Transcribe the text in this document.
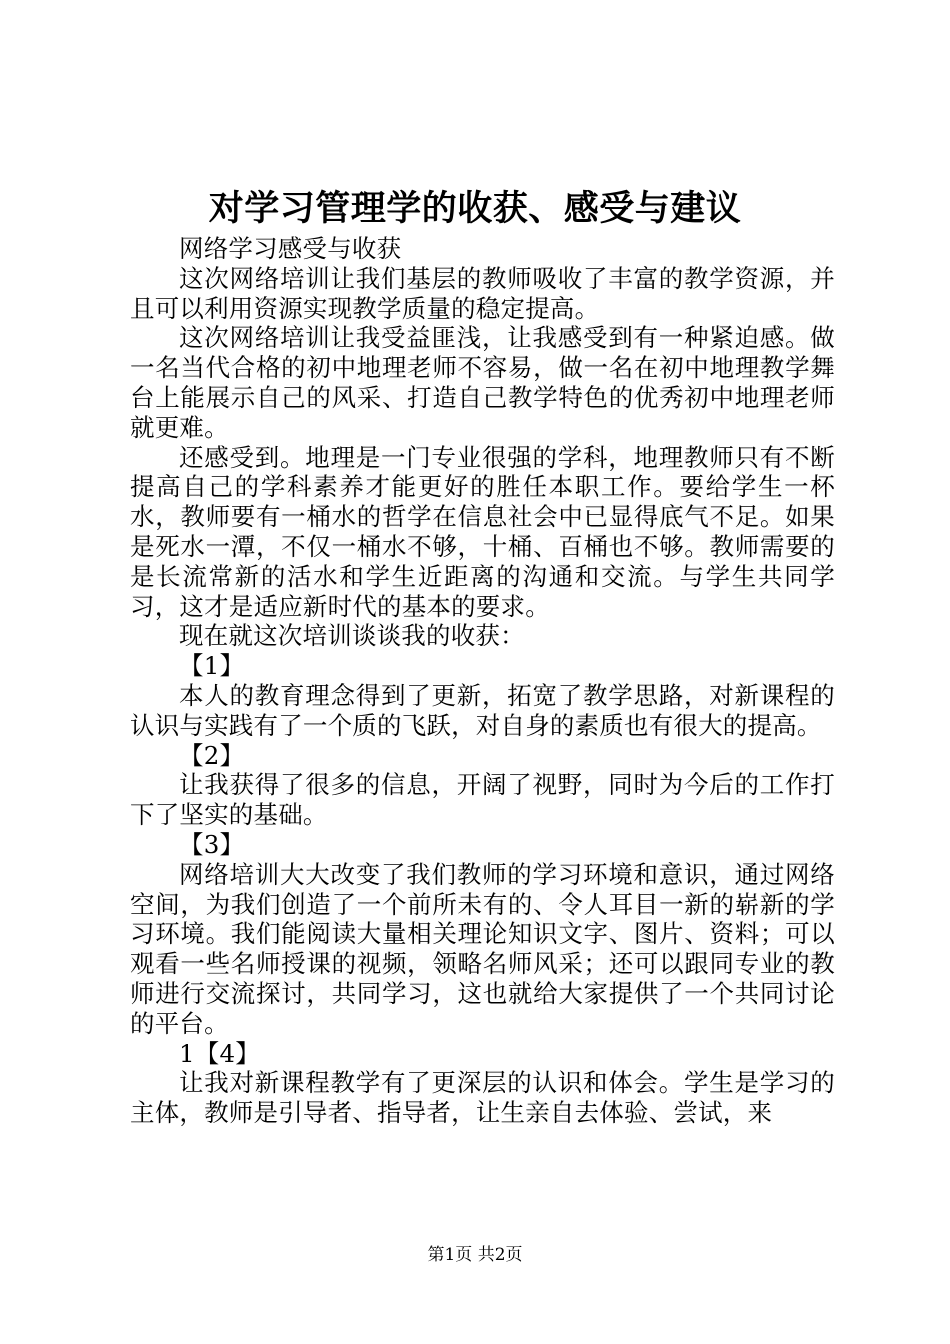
对学习管理学的收获、感受与建议

网络学习感受与收获

这次网络培训让我们基层的教师吸收了丰富的教学资源，并且可以利用资源实现教学质量的稳定提高。

这次网络培训让我受益匪浅，让我感受到有一种紧迫感。做一名当代合格的初中地理老师不容易，做一名在初中地理教学舞台上能展示自己的风采、打造自己教学特色的优秀初中地理老师就更难。

还感受到。地理是一门专业很强的学科，地理教师只有不断提高自己的学科素养才能更好的胜任本职工作。要给学生一杯水，教师要有一桶水的哲学在信息社会中已显得底气不足。如果是死水一潭，不仅一桶水不够，十桶、百桶也不够。教师需要的是长流常新的活水和学生近距离的沟通和交流。与学生共同学习，这才是适应新时代的基本的要求。

现在就这次培训谈谈我的收获：

【1】

本人的教育理念得到了更新，拓宽了教学思路，对新课程的认识与实践有了一个质的飞跃，对自身的素质也有很大的提高。

【2】

让我获得了很多的信息，开阔了视野，同时为今后的工作打下了坚实的基础。

【3】

网络培训大大改变了我们教师的学习环境和意识，通过网络空间，为我们创造了一个前所未有的、令人耳目一新的崭新的学习环境。我们能阅读大量相关理论知识文字、图片、资料；可以观看一些名师授课的视频，领略名师风采；还可以跟同专业的教师进行交流探讨，共同学习，这也就给大家提供了一个共同讨论的平台。

1【4】

让我对新课程教学有了更深层的认识和体会。学生是学习的主体，教师是引导者、指导者，让生亲自去体验、尝试，来

第1页 共2页
